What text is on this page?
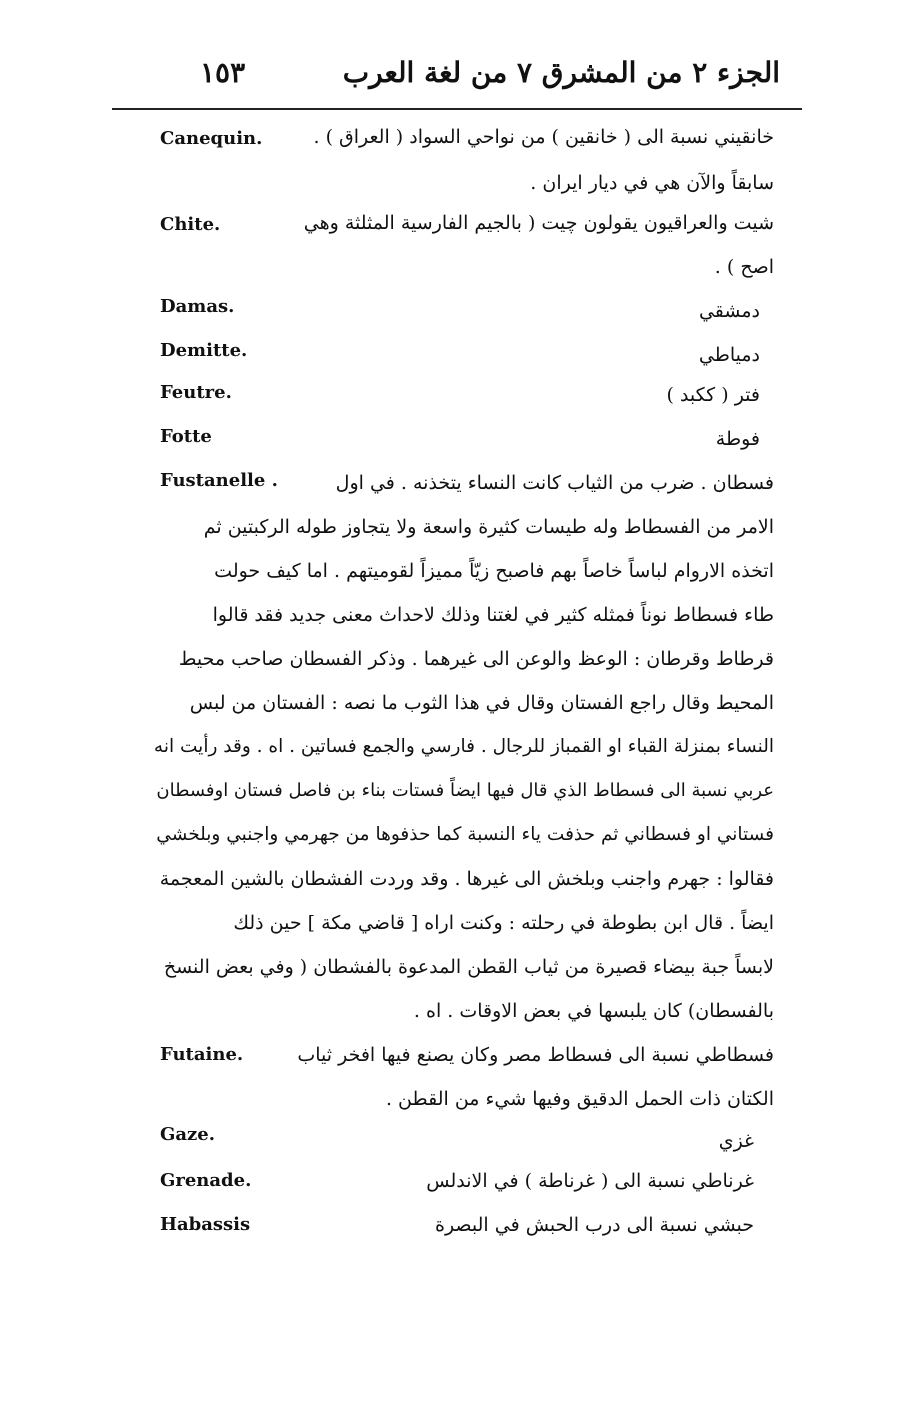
١٥٣	الجزء ٢ من المشرق ٧ من لغة العرب
Canequin.	خانقيني نسبة الى ( خانقين ) من نواحي السواد ( العراق ) .
سابقاً والآن هي في ديار ايران .
Chite.	شيت والعراقيون يقولون چيت ( بالجيم الفارسية المثلثة وهي
اصح ) .
Damas.	دمشقي
Demitte.	دمياطي
Feutre.	فتر ( ككبد )
Fotte	فوطة
Fustanelle .	فسطان . ضرب من الثياب كانت النساء يتخذنه . في اول
الامر من الفسطاط وله طيسات كثيرة واسعة ولا يتجاوز طوله الركبتين ثم
اتخذه الاروام لباساً خاصاً بهم فاصبح زيّاً مميزاً لقوميتهم . اما كيف حولت
طاء فسطاط نوناً فمثله كثير في لغتنا وذلك لاحداث معنى جديد فقد قالوا
قرطاط وقرطان : الوعظ والوعن الى غيرهما . وذكر الفسطان صاحب محيط
المحيط وقال راجع الفستان وقال في هذا الثوب ما نصه : الفستان من لبس
النساء بمنزلة القباء او القمباز للرجال . فارسي والجمع فساتين . اه . وقد رأيت انه
عربي نسبة الى فسطاط الذي قال فيها ايضاً فستات بناء بن فاصل فستان اوفسطان
فستاني او فسطاني ثم حذفت ياء النسبة كما حذفوها من جهرمي واجنبي وبلخشي
فقالوا : جهرم واجنب وبلخش الى غيرها . وقد وردت الفشطان بالشين المعجمة
ايضاً . قال ابن بطوطة في رحلته : وكنت اراه [ قاضي مكة ] حين ذلك
لابساً جبة بيضاء قصيرة من ثياب القطن المدعوة بالفشطان ( وفي بعض النسخ
بالفسطان) كان يلبسها في بعض الاوقات . اه .
Futaine.	فسطاطي نسبة الى فسطاط مصر وكان يصنع فيها افخر ثياب
الكتان ذات الحمل الدقيق وفيها شيء من القطن .
Gaze.	غزي
Grenade.	غرناطي نسبة الى ( غرناطة ) في الاندلس
Habassis	حبشي نسبة الى درب الحبش في البصرة
